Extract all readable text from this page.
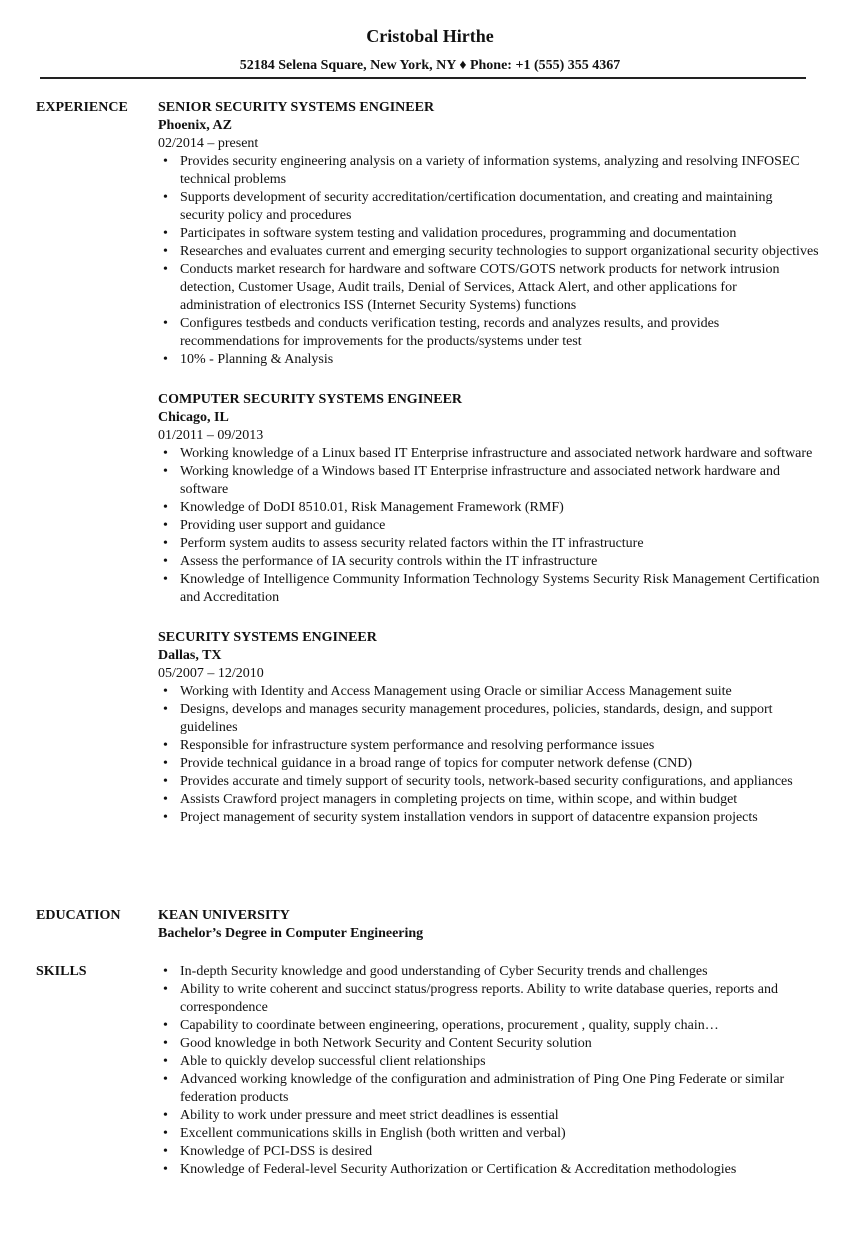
Cristobal Hirthe
52184 Selena Square, New York, NY ♦ Phone: +1 (555) 355 4367
EXPERIENCE	SENIOR SECURITY SYSTEMS ENGINEER
Phoenix, AZ
02/2014 – present
• Provides security engineering analysis on a variety of information systems, analyzing and resolving INFOSEC technical problems
• Supports development of security accreditation/certification documentation, and creating and maintaining security policy and procedures
• Participates in software system testing and validation procedures, programming and documentation
• Researches and evaluates current and emerging security technologies to support organizational security objectives
• Conducts market research for hardware and software COTS/GOTS network products for network intrusion detection, Customer Usage, Audit trails, Denial of Services, Attack Alert, and other applications for administration of electronics ISS (Internet Security Systems) functions
• Configures testbeds and conducts verification testing, records and analyzes results, and provides recommendations for improvements for the products/systems under test
• 10% - Planning & Analysis
COMPUTER SECURITY SYSTEMS ENGINEER
Chicago, IL
01/2011 – 09/2013
• Working knowledge of a Linux based IT Enterprise infrastructure and associated network hardware and software
• Working knowledge of a Windows based IT Enterprise infrastructure and associated network hardware and software
• Knowledge of DoDI 8510.01, Risk Management Framework (RMF)
• Providing user support and guidance
• Perform system audits to assess security related factors within the IT infrastructure
• Assess the performance of IA security controls within the IT infrastructure
• Knowledge of Intelligence Community Information Technology Systems Security Risk Management Certification and Accreditation
SECURITY SYSTEMS ENGINEER
Dallas, TX
05/2007 – 12/2010
• Working with Identity and Access Management using Oracle or similiar Access Management suite
• Designs, develops and manages security management procedures, policies, standards, design, and support guidelines
• Responsible for infrastructure system performance and resolving performance issues
• Provide technical guidance in a broad range of topics for computer network defense (CND)
• Provides accurate and timely support of security tools, network-based security configurations, and appliances
• Assists Crawford project managers in completing projects on time, within scope, and within budget
• Project management of security system installation vendors in support of datacentre expansion projects
EDUCATION	KEAN UNIVERSITY
Bachelor’s Degree in Computer Engineering
SKILLS
•	In-depth Security knowledge and good understanding of Cyber Security trends and challenges
• Ability to write coherent and succinct status/progress reports. Ability to write database queries, reports and correspondence
• Capability to coordinate between engineering, operations, procurement , quality, supply chain…
• Good knowledge in both Network Security and Content Security solution
• Able to quickly develop successful client relationships
• Advanced working knowledge of the configuration and administration of Ping One Ping Federate or similar federation products
• Ability to work under pressure and meet strict deadlines is essential
• Excellent communications skills in English (both written and verbal)
• Knowledge of PCI-DSS is desired
• Knowledge of Federal-level Security Authorization or Certification & Accreditation methodologies
